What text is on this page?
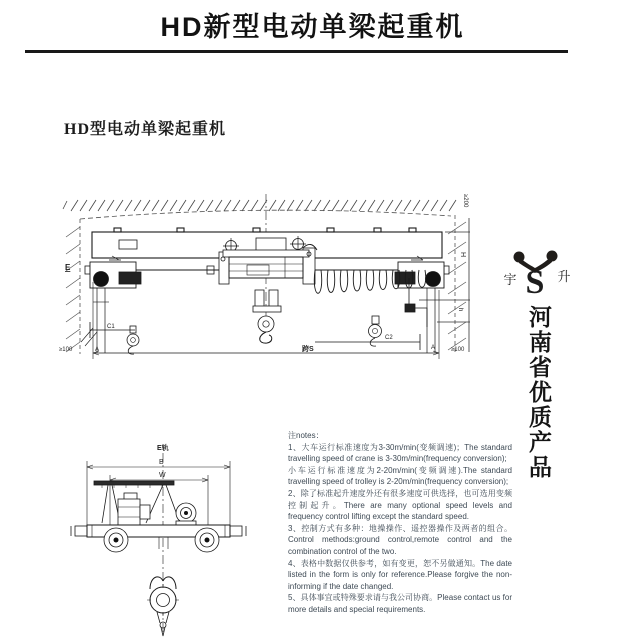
HD新型电动单梁起重机
HD型电动单梁起重机
E
C1
C2
跨S
A	A
≥100	≥100
≥200
H
h
E轨
B
W
S
宇	升
河南省优质产品

注notes：

1、大车运行标准速度为3-30m/min(变频调速)；The standard travelling speed of crane is 3-30m/min(frequency conversion);

小车运行标准速度为2-20m/min(变频调速).The standard travelling speed of trolley is 2-20m/min(frequency conversion);

2、除了标准起升速度外还有很多速度可供选择，也可选用变频控制起升。There are many optional speed levels and frequency control lifting except the standard speed.

3、控制方式有多种：地操操作、遥控器操作及两者的组合。Control methods:ground control,remote control and the combination control of the two.

4、表格中数据仅供参考，如有变更，恕不另做通知。The date listed in the form is only for reference.Please forgive the non-informing if the date changed.

5、具体事宜或特殊要求请与我公司协商。Please contact us for more details and special requirements.
